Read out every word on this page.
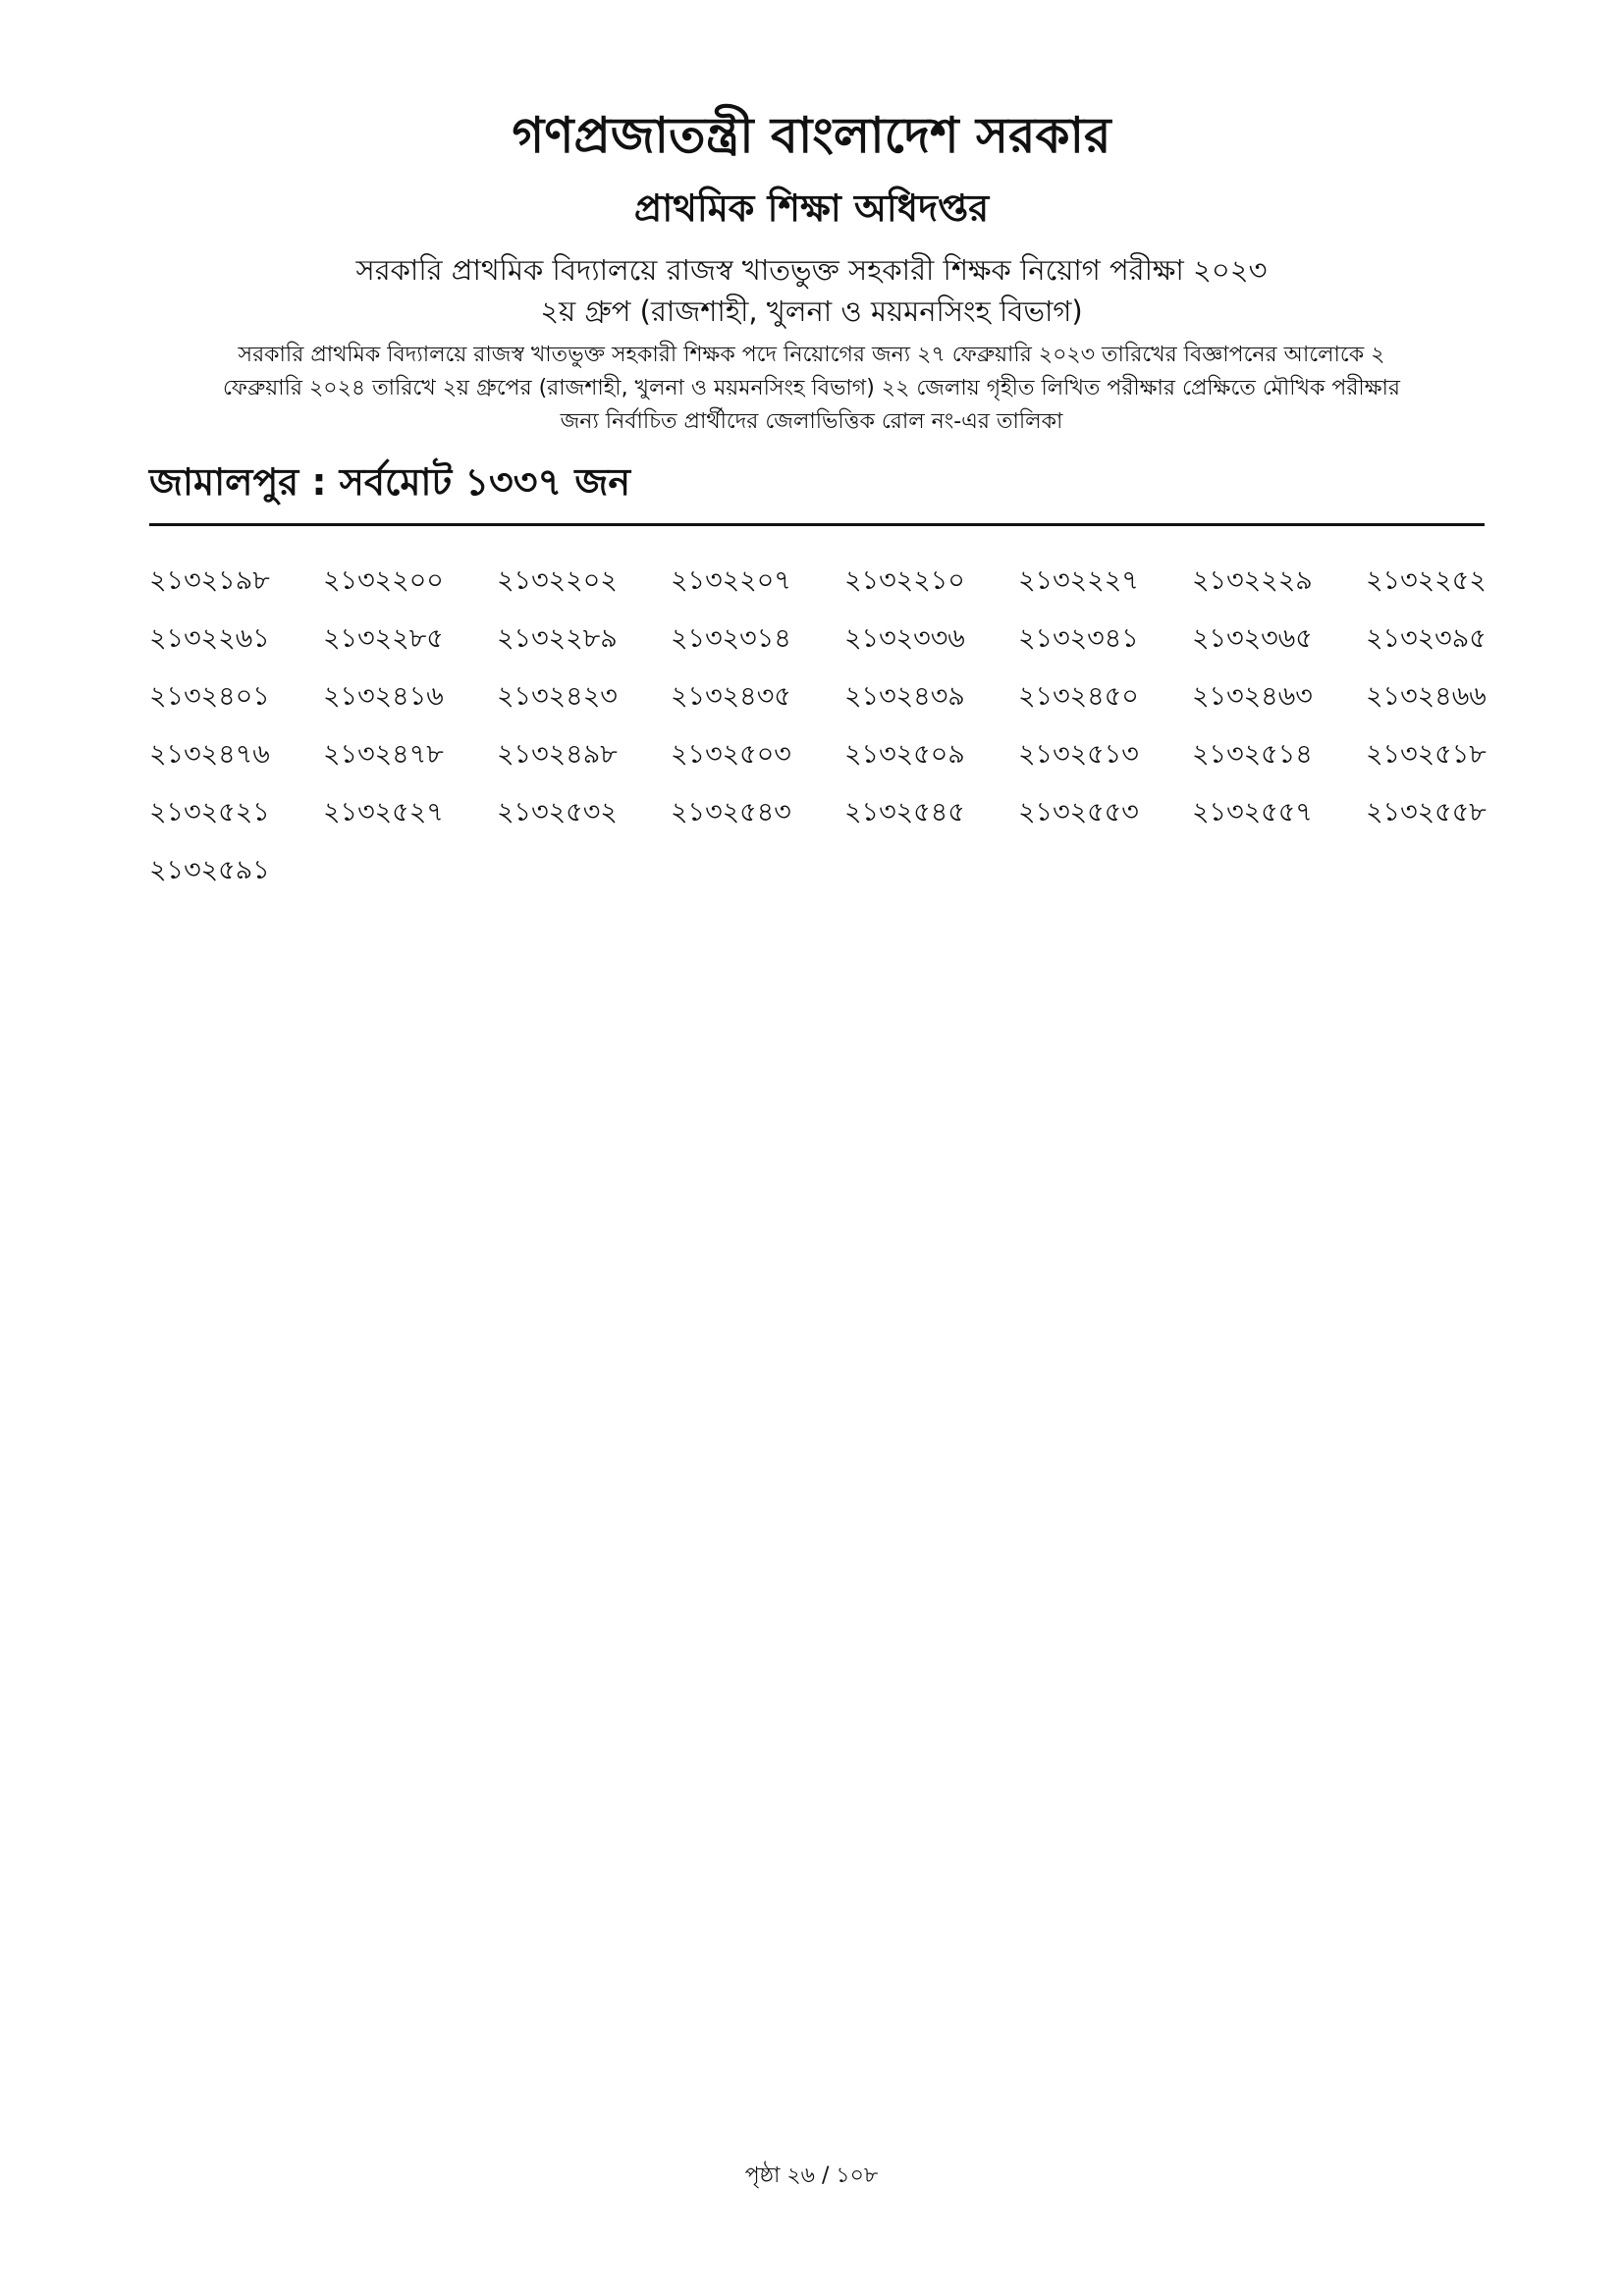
গণপ্রজাতন্ত্রী বাংলাদেশ সরকার
প্রাথমিক শিক্ষা অধিদপ্তর
সরকারি প্রাথমিক বিদ্যালয়ে রাজস্ব খাতভুক্ত সহকারী শিক্ষক নিয়োগ পরীক্ষা ২০২৩
২য় গ্রুপ (রাজশাহী, খুলনা ও ময়মনসিংহ বিভাগ)
সরকারি প্রাথমিক বিদ্যালয়ে রাজস্ব খাতভুক্ত সহকারী শিক্ষক পদে নিয়োগের জন্য ২৭ ফেব্রুয়ারি ২০২৩ তারিখের বিজ্ঞাপনের আলোকে ২
ফেব্রুয়ারি ২০২৪ তারিখে ২য় গ্রুপের (রাজশাহী, খুলনা ও ময়মনসিংহ বিভাগ) ২২ জেলায় গৃহীত লিখিত পরীক্ষার প্রেক্ষিতে মৌখিক পরীক্ষার
জন্য নির্বাচিত প্রার্থীদের জেলাভিত্তিক রোল নং-এর তালিকা
জামালপুর : সর্বমোট ১৩৩৭ জন
২১৩২১৯৮	২১৩২২০০	২১৩২২০২	২১৩২২০৭	২১৩২২১০	২১৩২২২৭	২১৩২২২৯	২১৩২২৫২
২১৩২২৬১	২১৩২২৮৫	২১৩২২৮৯	২১৩২৩১৪	২১৩২৩৩৬	২১৩২৩৪১	২১৩২৩৬৫	২১৩২৩৯৫
২১৩২৪০১	২১৩২৪১৬	২১৩২৪২৩	২১৩২৪৩৫	২১৩২৪৩৯	২১৩২৪৫০	২১৩২৪৬৩	২১৩২৪৬৬
২১৩২৪৭৬	২১৩২৪৭৮	২১৩২৪৯৮	২১৩২৫০৩	২১৩২৫০৯	২১৩২৫১৩	২১৩২৫১৪	২১৩২৫১৮
২১৩২৫২১	২১৩২৫২৭	২১৩২৫৩২	২১৩২৫৪৩	২১৩২৫৪৫	২১৩২৫৫৩	২১৩২৫৫৭	২১৩২৫৫৮
২১৩২৫৯১
পৃষ্ঠা ২৬ / ১০৮
